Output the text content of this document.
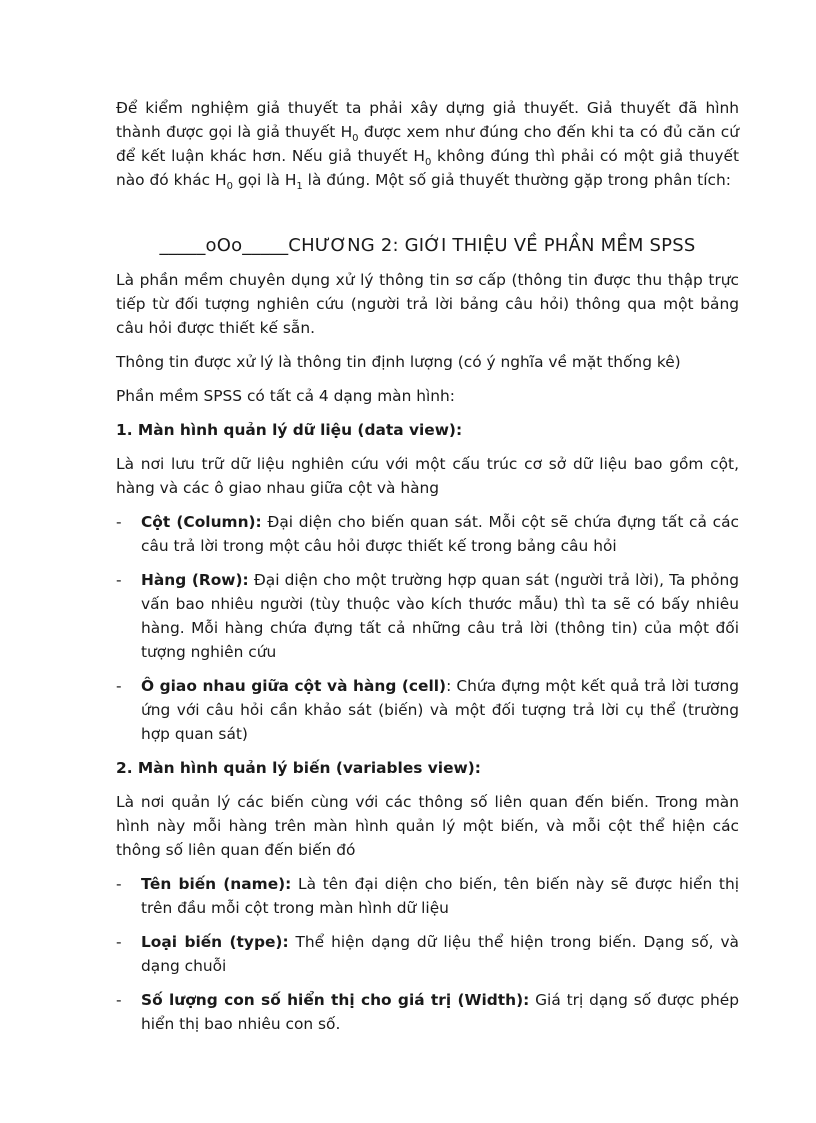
Để kiểm nghiệm giả thuyết ta phải xây dựng giả thuyết. Giả thuyết đã hình thành được gọi là giả thuyết $H_0$ được xem như đúng cho đến khi ta có đủ căn cứ để kết luận khác hơn. Nếu giả thuyết $H_0$ không đúng thì phải có một giả thuyết nào đó khác $H_0$ gọi là $H_1$ là đúng. Một số giả thuyết thường gặp trong phân tích:

_____oOo_____CHƯƠNG 2: GIỚI THIỆU VỀ PHẦN MỀM SPSS

Là phần mềm chuyên dụng xử lý thông tin sơ cấp (thông tin được thu thập trực tiếp từ đối tượng nghiên cứu (người trả lời bảng câu hỏi) thông qua một bảng câu hỏi được thiết kế sẵn.

Thông tin được xử lý là thông tin định lượng (có ý nghĩa về mặt thống kê)

Phần mềm SPSS có tất cả 4 dạng màn hình:

1. Màn hình quản lý dữ liệu (data view):

Là nơi lưu trữ dữ liệu nghiên cứu với một cấu trúc cơ sở dữ liệu bao gồm cột, hàng và các ô giao nhau giữa cột và hàng

- Cột (Column): Đại diện cho biến quan sát. Mỗi cột sẽ chứa đựng tất cả các câu trả lời trong một câu hỏi được thiết kế trong bảng câu hỏi
- Hàng (Row): Đại diện cho một trường hợp quan sát (người trả lời), Ta phỏng vấn bao nhiêu người (tùy thuộc vào kích thước mẫu) thì ta sẽ có bấy nhiêu hàng. Mỗi hàng chứa đựng tất cả những câu trả lời (thông tin) của một đối tượng nghiên cứu
- Ô giao nhau giữa cột và hàng (cell): Chứa đựng một kết quả trả lời tương ứng với câu hỏi cần khảo sát (biến) và một đối tượng trả lời cụ thể (trường hợp quan sát)

2. Màn hình quản lý biến (variables view):

Là nơi quản lý các biến cùng với các thông số liên quan đến biến. Trong màn hình này mỗi hàng trên màn hình quản lý một biến, và mỗi cột thể hiện các thông số liên quan đến biến đó

- Tên biến (name): Là tên đại diện cho biến, tên biến này sẽ được hiển thị trên đầu mỗi cột trong màn hình dữ liệu
- Loại biến (type): Thể hiện dạng dữ liệu thể hiện trong biến. Dạng số, và dạng chuỗi
- Số lượng con số hiển thị cho giá trị (Width): Giá trị dạng số được phép hiển thị bao nhiêu con số.
